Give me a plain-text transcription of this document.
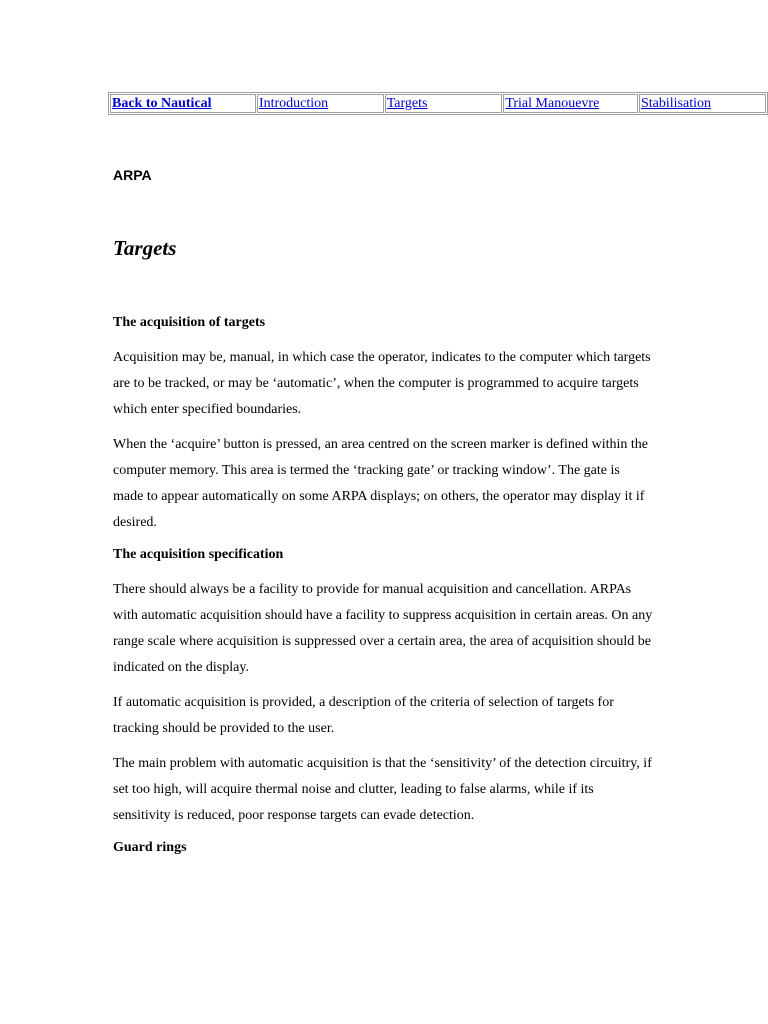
Back to Nautical	Introduction	Targets	Trial Manouevre	Stabilisation

ARPA

Targets
The acquisition of targets

Acquisition may be, manual, in which case the operator, indicates to the computer which targets are to be tracked, or may be ‘automatic’, when the computer is programmed to acquire targets which enter specified boundaries.

When the ‘acquire’ button is pressed, an area centred on the screen marker is defined within the computer memory. This area is termed the ‘tracking gate’ or tracking window’. The gate is made to appear automatically on some ARPA displays; on others, the operator may display it if desired.

The acquisition specification

There should always be a facility to provide for manual acquisition and cancellation. ARPAs with automatic acquisition should have a facility to suppress acquisition in certain areas. On any range scale where acquisition is suppressed over a certain area, the area of acquisition should be indicated on the display.

If automatic acquisition is provided, a description of the criteria of selection of targets for tracking should be provided to the user.

The main problem with automatic acquisition is that the ‘sensitivity’ of the detection circuitry, if set too high, will acquire thermal noise and clutter, leading to false alarms, while if its sensitivity is reduced, poor response targets can evade detection.

Guard rings
